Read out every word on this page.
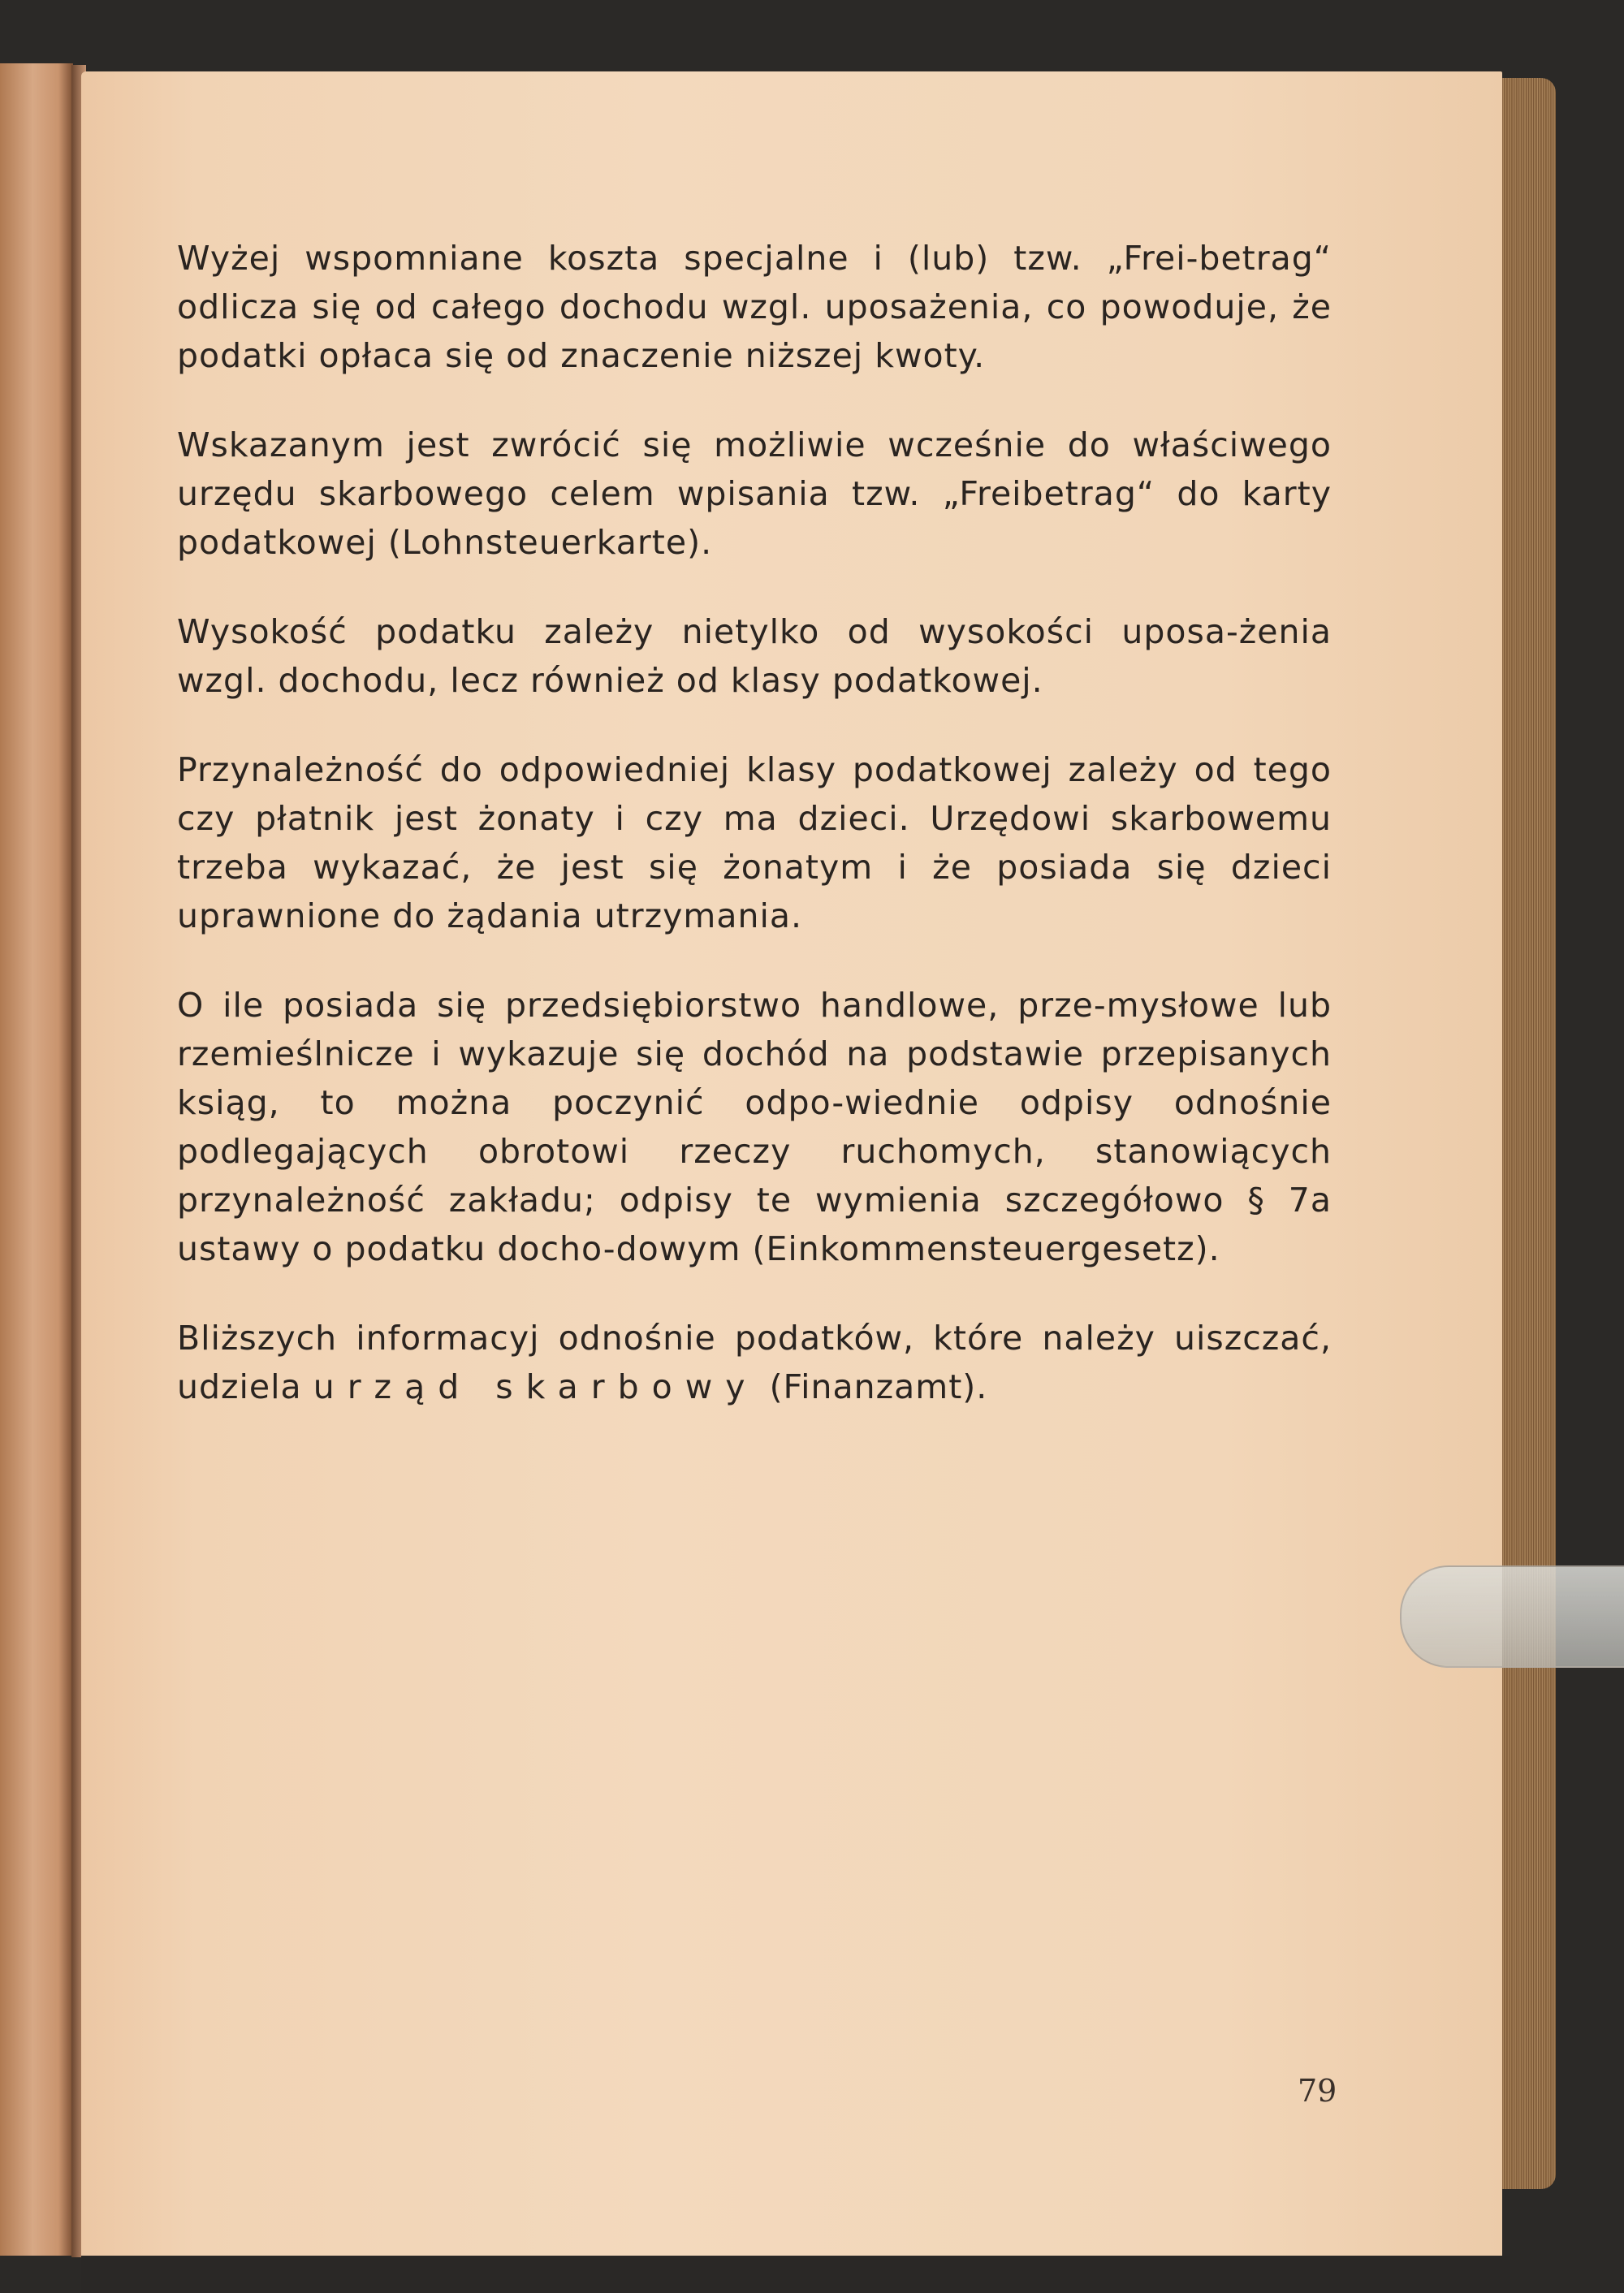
Wyżej wspomniane koszta specjalne i (lub) tzw. „Frei-betrag“ odlicza się od całego dochodu wzgl. uposażenia, co powoduje, że podatki opłaca się od znaczenie niższej kwoty.

Wskazanym jest zwrócić się możliwie wcześnie do właściwego urzędu skarbowego celem wpisania tzw. „Freibetrag“ do karty podatkowej (Lohnsteuerkarte).

Wysokość podatku zależy nietylko od wysokości uposa-żenia wzgl. dochodu, lecz również od klasy podatkowej.

Przynależność do odpowiedniej klasy podatkowej zależy od tego czy płatnik jest żonaty i czy ma dzieci. Urzędowi skarbowemu trzeba wykazać, że jest się żonatym i że posiada się dzieci uprawnione do żądania utrzymania.

O ile posiada się przedsiębiorstwo handlowe, prze-mysłowe lub rzemieślnicze i wykazuje się dochód na podstawie przepisanych ksiąg, to można poczynić odpo-wiednie odpisy odnośnie podlegających obrotowi rzeczy ruchomych, stanowiących przynależność zakładu; odpisy te wymienia szczegółowo § 7a ustawy o podatku docho-dowym (Einkommensteuergesetz).

Bliższych informacyj odnośnie podatków, które należy uiszczać, udziela urząd skarbowy (Finanzamt).

79
